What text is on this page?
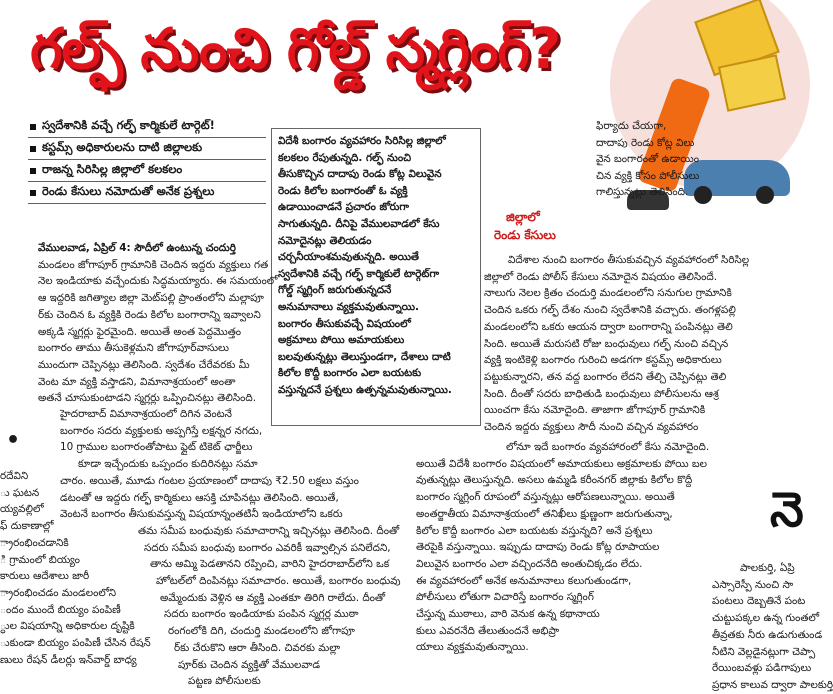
గల్ఫ్ నుంచి గోల్డ్ స్మగ్లింగ్?
స్వదేశానికి వచ్చే గల్ఫ్ కార్మికులే టార్గెట్!
కస్టమ్స్ అధికారులను దాటి జిల్లాలకు
రాజన్న సిరిసిల్ల జిల్లాలో కలకలం
రెండు కేసులు నమోదుతో అనేక ప్రశ్నలు

విదేశీ బంగారం వ్యవహారం సిరిసిల్ల జిల్లాలో

కలకలం రేపుతున్నది. గల్ఫ్ నుంచి

తీసుకొచ్చిన దాదాపు రెండు కోట్ల విలువైన

రెండు కిలోల బంగారంతో ఓ వ్యక్తి

ఉడాయించాడనే ప్రచారం జోరుగా

సాగుతున్నది. దీనిపై వేములవాడలో కేసు

నమోదైనట్లు తెలియడం

చర్చనీయాంశమవుతున్నది. అయితే

స్వదేశానికి వచ్చే గల్ఫ్ కార్మికులే టార్గెట్‌గా

గోల్డ్ స్మగ్లింగ్ జరుగుతున్నదనే

అనుమానాలు వ్యక్తమవుతున్నాయి.

బంగారం తీసుకువచ్చే విషయంలో

అక్రమాలు పోయి అమాయకులు

బలవుతున్నట్లు తెలుస్తుండగా, దేశాలు దాటి

కిలోల కొద్దీ బంగారం ఎలా బయటకు

వస్తున్నదనే ప్రశ్నలు ఉత్పన్నమవుతున్నాయి.

ఫిర్యాదు చేయగా,

దాదాపు రెండు కోట్ల విలు

వైన బంగారంతో ఉడాయిం

చిన వ్యక్తి కోసం పోలీసులు

గాలిస్తున్నట్లు తెలిసింది.

జిల్లాలో
రెండు కేసులు

వేములవాడ, ఏప్రిల్ 4: సౌదీలో ఉంటున్న చందుర్తి

మండలం జోగాపూర్ గ్రామానికి చెందిన ఇద్దరు వ్యక్తులు గత

నెల ఇండియాకు వచ్చేందుకు సిద్ధమయ్యారు. ఈ సమయంలో

ఆ ఇద్దరికి జగిత్యాల జిల్లా మెట్‌పల్లి ప్రాంతంలోని మల్లాపూ

ర్‌కు చెందిన ఓ వ్యక్తికి రెండు కిలోల బంగారాన్ని ఇవ్వాలని

అక్కడి స్మగ్లర్లు ఫైరమైంది. అయితే అంత పెద్దమొత్తం

బంగారం తాము తీసుకెళ్లమని జోగాపూర్‌వాసులు

ముందుగా చెప్పినట్లు తెలిసింది. స్వదేశం చేరేవరకు మీ

వెంట మా వ్యక్తి వస్తాడని, విమానాశ్రయంలో అంతా

అతనే చూసుకుంటాడని స్మగ్లర్లు ఒప్పించినట్లు తెలిసింది.

హైదరాబాద్ విమానాశ్రయంలో దిగిన వెంటనే

బంగారం సదరు వ్యక్తులకు అప్పగిస్తే లక్షన్నర నగదు,

10 గ్రాముల బంగారంతోపాటు ఫ్లైట్ టికెట్ ఛార్జీలు

కూడా ఇచ్చేందుకు ఒప్పందం కుదిరినట్లు సమా

చారం. అయితే, మూడు గంటల ప్రయాణంలో దాదాపు ₹2.50 లక్షలు వస్తుం

డటంతో ఆ ఇద్దరు గల్ఫ్ కార్మికులు ఆసక్తి చూపినట్లు తెలిసింది. అయితే,

వెంటనే బంగారం తీసుకువస్తున్న విషయాన్నంతటినీ ఇండియాలోని ఒకరు

తమ సమీప బంధువుకు సమాచారాన్ని ఇచ్చినట్లు తెలిసింది. దీంతో

సదరు సమీప బంధువు బంగారం ఎవరికీ ఇవ్వాల్సిన పనిలేదని,

తాను అమ్మి పెడతానని రప్పించి, వారిని హైదరాబాద్‌లోని ఒక

హోటల్‌లో దింపినట్లు సమాచారం. అయితే, బంగారం బంధువు

అమ్మేందుకు వెళ్లిన ఆ వ్యక్తి ఎంతకూ తిరిగి రాలేదు. దీంతో

సదరు బంగారం ఇండియాకు పంపిన స్మగ్లర్ల ముఠా

రంగంలోకి దిగి, చందుర్తి మండలంలోని జోగాపూ

ర్‌కు చేరుకొని ఆరా తీసింది. చివరకు మల్లా

పూర్‌కు చెందిన వ్యక్తితో వేములవాడ

పట్టణ పోలీసులకు

విదేశాల నుంచి బంగారం తీసుకువచ్చిన వ్యవహారంలో సిరిసిల్ల

జిల్లాలో రెండు పోలీస్ కేసులు నమోదైన విషయం తెలిసిందే.

నాలుగు నెలల క్రితం చందుర్తి మండలంలోని సనుగుల గ్రామానికి

చెందిన ఒకరు గల్ఫ్ దేశం నుంచి స్వదేశానికి వచ్చారు. తంగళ్లపల్లి

మండలంలోని ఒకరు ఆయన ద్వారా బంగారాన్ని పంపినట్లు తెలి

సింది. అయితే మరుసటి రోజు బంధువులు గల్ఫ్ నుంచి వచ్చిన

వ్యక్తి ఇంటికెళ్లి బంగారం గురించి అడగగా కస్టమ్స్ అధికారులు

పట్టుకున్నారని, తన వద్ద బంగారం లేదని తేల్చి చెప్పినట్లు తెలి

సింది. దీంతో సదరు బాధితుడి బంధువులు పోలీసులను ఆశ్ర

యించగా కేసు నమోదైంది. తాజాగా జోగాపూర్ గ్రామానికి

చెందిన ఇద్దరు వ్యక్తులు సౌదీ నుంచి వచ్చిన వ్యవహారం

లోనూ ఇదే బంగారం వ్యవహారంలో కేసు నమోదైంది.

అయితే విదేశీ బంగారం విషయంలో అమాయకులు అక్రమాలకు పోయి బల

వుతున్నట్లు తెలుస్తున్నది. అసలు ఉమ్మడి కరీంనగర్ జిల్లాకు కిలోల కొద్దీ

బంగారం స్మగ్లింగ్ రూపంలో వస్తున్నట్లు ఆరోపణలున్నాయి. అయితే

అంతర్జాతీయ విమానాశ్రయంలో తనిఖీలు క్షుణ్ణంగా జరుగుతున్నా,

కిలోల కొద్దీ బంగారం ఎలా బయటకు వస్తున్నది? అనే ప్రశ్నలు

తెరపైకి వస్తున్నాయి. ఇప్పుడు దాదాపు రెండు కోట్ల రూపాయల

విలువైన బంగారం ఎలా వచ్చిందనేది అంతుచిక్కడం లేదు.

ఈ వ్యవహారంలో అనేక అనుమానాలు కలుగుతుండగా,

పోలీసులు లోతుగా విచారిస్తే బంగారం స్మగ్లింగ్

చేస్తున్న ముఠాలు, వారి వెనుక ఉన్న కథానాయ

కులు ఎవరనేది తేలుతుందనే అభిప్రా

యాలు వ్యక్తమవుతున్నాయి.

•

రదేవిని

ు ఘటన

య్యవల్లిలో

ఫ్ దుకాణాల్లో

్రారంభించడానికి

ి గ్రామంలో బియ్యం

కారులు ఆదేశాలు జారీ

్రారంభించడం మండలంలోని

ందం ముందే బియ్యం పంపిణీ

్ధుల విషయాన్ని అధికారుల దృష్టికి

ుకుండా బియ్యం పంపిణీ చేసిన రేషన్

ణులు రేషన్ డీలర్లు ఇన్‌వార్డ్ బాధ్య

నె

పాలకుర్తి, ఏప్రి

ఎస్సారెస్పీ నుంచి సా

పంటలు దెబ్బతినే పంట

చుట్టుపక్కల ఉన్న గుంతలో

తీవ్రతకు నీరు ఉడుగుతుండ

నీటిని వెల్లడైనట్లుగా చెప్పా

రేయింబవళ్లు పడిగాపులు

ప్రధాన కాలువ ద్వారా పాలకుర్తి
